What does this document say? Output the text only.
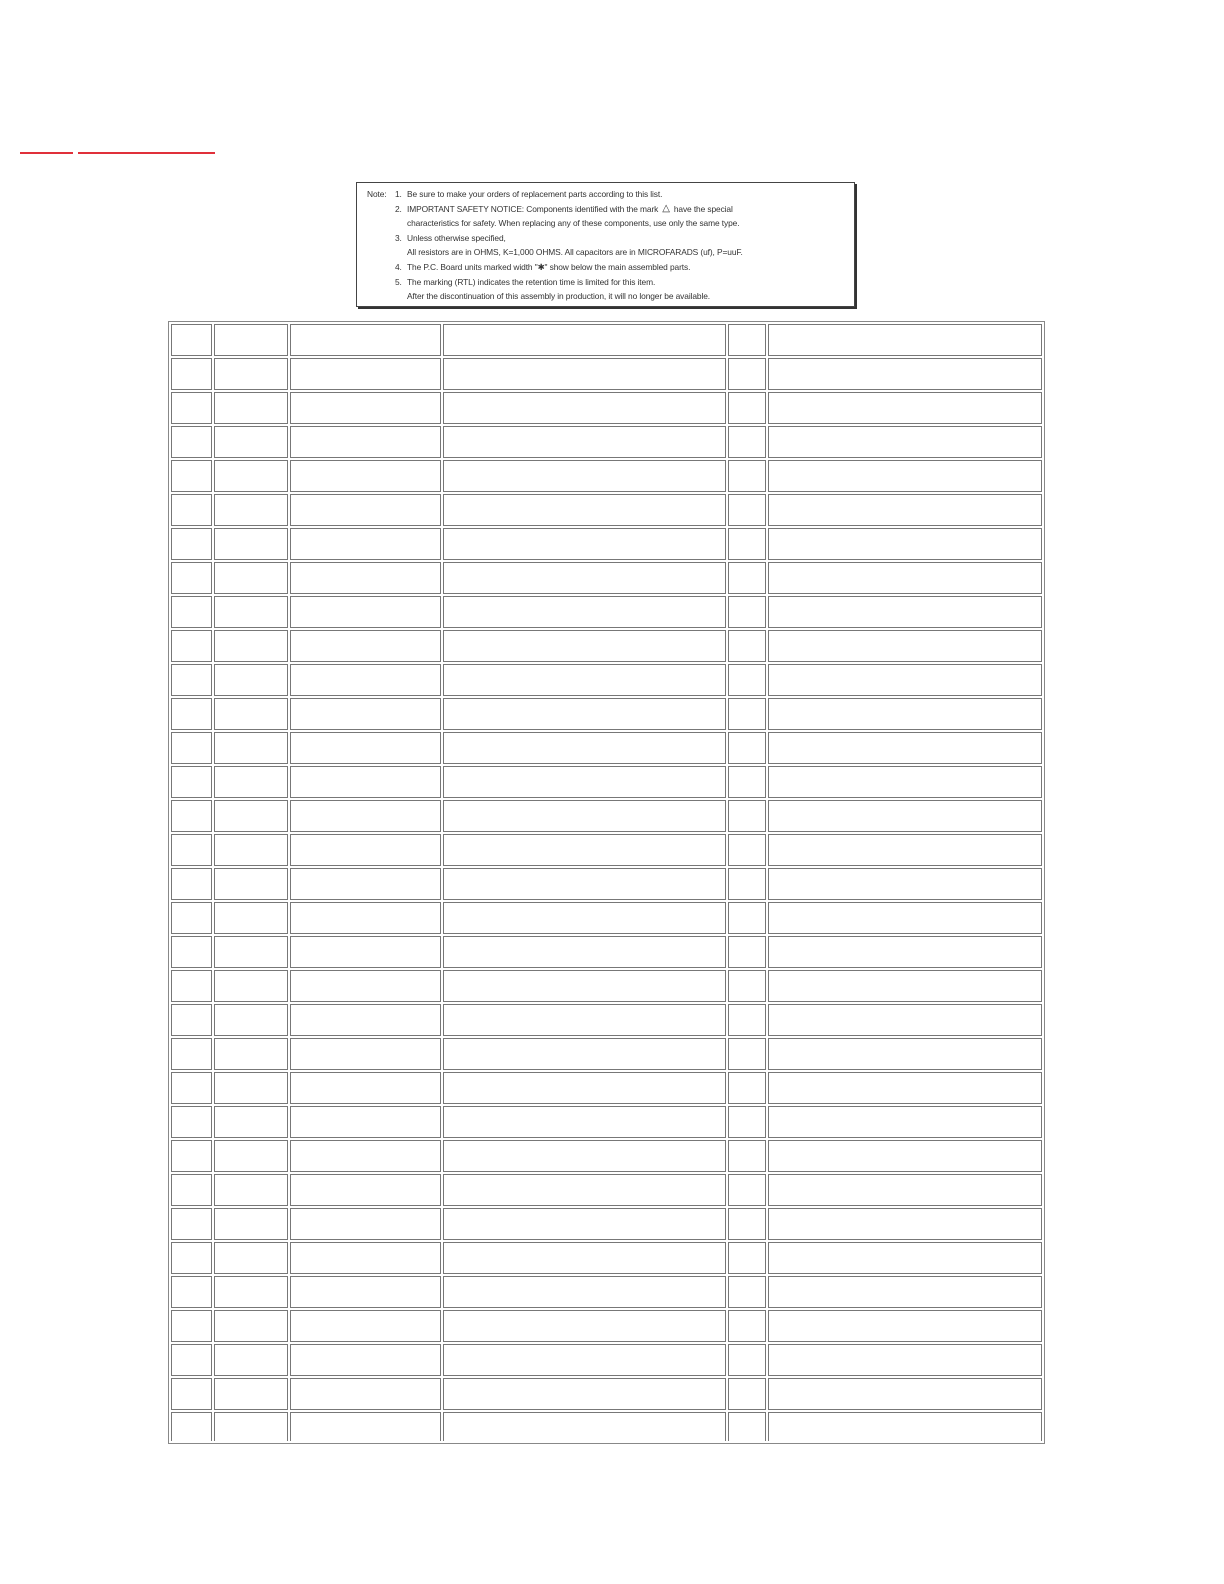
Note:	1. Be sure to make your orders of replacement parts according to this list.
2. IMPORTANT SAFETY NOTICE: Components identified with the mark △ have the special
characteristics for safety. When replacing any of these components, use only the same type.
3. Unless otherwise specified,
All resistors are in OHMS, K=1,000 OHMS. All capacitors are in MICROFARADS (uf), P=uuF.
4. The P.C. Board units marked width "✱" show below the main assembled parts.
5. The marking (RTL) indicates the retention time is limited for this item.
After the discontinuation of this assembly in production, it will no longer be available.
